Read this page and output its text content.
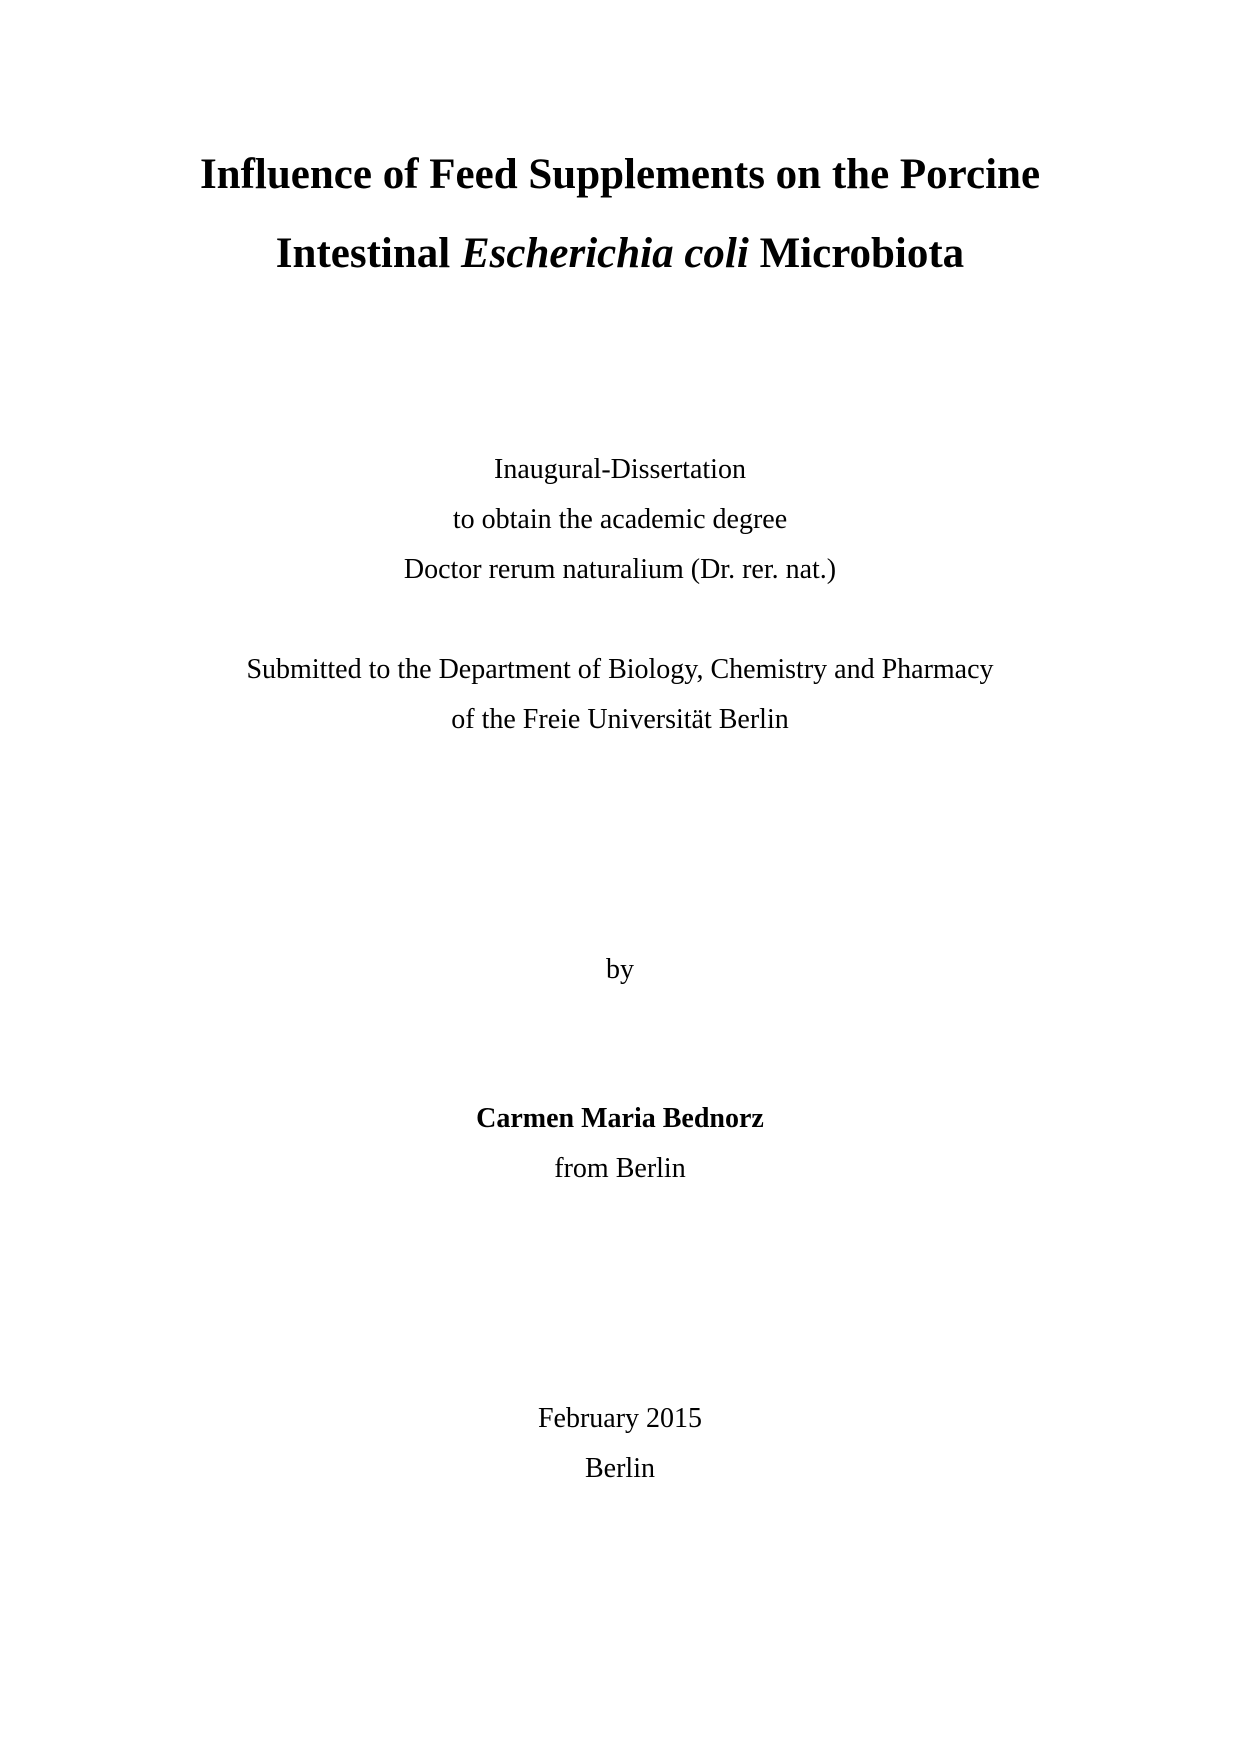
Influence of Feed Supplements on the Porcine
Intestinal Escherichia coli Microbiota
Inaugural-Dissertation
to obtain the academic degree
Doctor rerum naturalium (Dr. rer. nat.)
Submitted to the Department of Biology, Chemistry and Pharmacy
of the Freie Universität Berlin
by
Carmen Maria Bednorz
from Berlin
February 2015
Berlin
